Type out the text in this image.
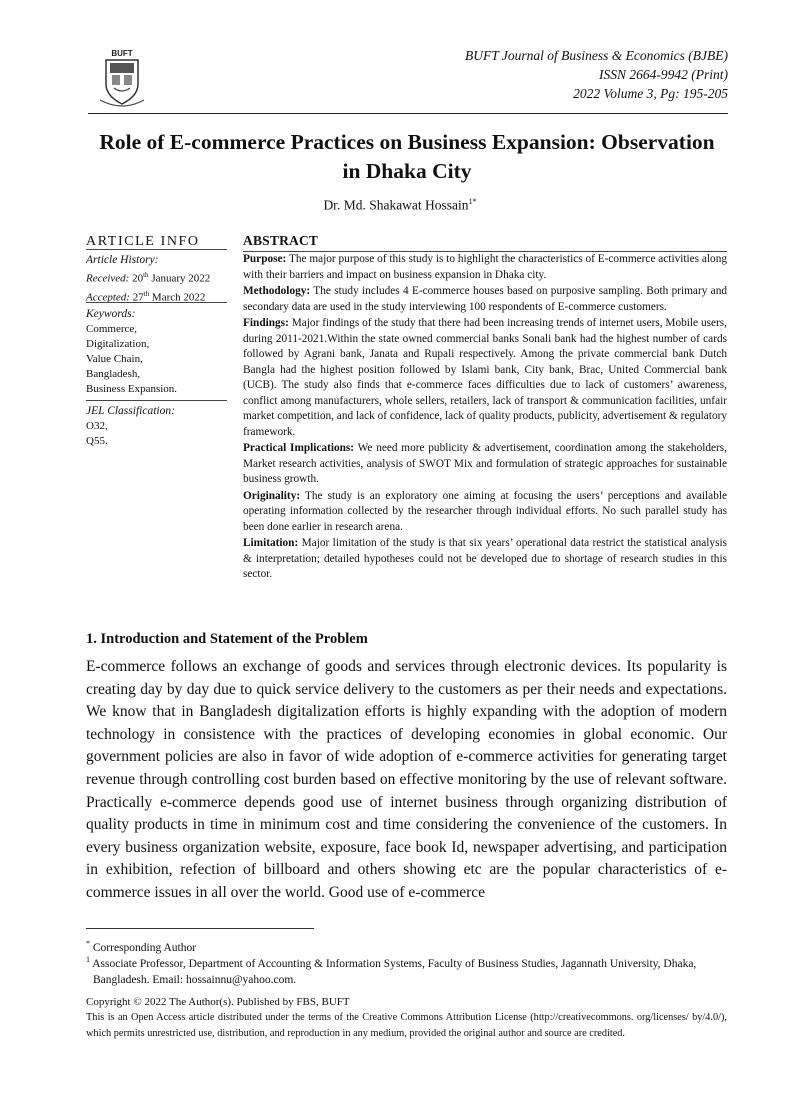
BUFT	BUFT Journal of Business & Economics (BJBE)
ISSN 2664-9942 (Print)
2022 Volume 3, Pg: 195-205
Role of E-commerce Practices on Business Expansion: Observation
in Dhaka City
Dr. Md. Shakawat Hossain$^{1*}$
ARTICLE INFO
Article History:
Received: 20th January 2022
Accepted: 27th March 2022
Keywords:
Commerce,
Digitalization,
Value Chain,
Bangladesh,
Business Expansion.
JEL Classification:
O32,
Q55.
ABSTRACT

Purpose: The major purpose of this study is to highlight the characteristics of E-commerce activities along with their barriers and impact on business expansion in Dhaka city.

Methodology: The study includes 4 E-commerce houses based on purposive sampling. Both primary and secondary data are used in the study interviewing 100 respondents of E-commerce customers.

Findings: Major findings of the study that there had been increasing trends of internet users, Mobile users, during 2011-2021.Within the state owned commercial banks Sonali bank had the highest number of cards followed by Agrani bank, Janata and Rupali respectively. Among the private commercial bank Dutch Bangla had the highest position followed by Islami bank, City bank, Brac, United Commercial bank (UCB). The study also finds that e-commerce faces difficulties due to lack of customers’ awareness, conflict among manufacturers, whole sellers, retailers, lack of transport & communication facilities, unfair market competition, and lack of confidence, lack of quality products, publicity, advertisement & regulatory framework.

Practical Implications: We need more publicity & advertisement, coordination among the stakeholders, Market research activities, analysis of SWOT Mix and formulation of strategic approaches for sustainable business growth.

Originality: The study is an exploratory one aiming at focusing the users’ perceptions and available operating information collected by the researcher through individual efforts. No such parallel study has been done earlier in research arena.

Limitation: Major limitation of the study is that six years’ operational data restrict the statistical analysis & interpretation; detailed hypotheses could not be developed due to shortage of research studies in this sector.

1. Introduction and Statement of the Problem

E-commerce follows an exchange of goods and services through electronic devices. Its popularity is creating day by day due to quick service delivery to the customers as per their needs and expectations. We know that in Bangladesh digitalization efforts is highly expanding with the adoption of modern technology in consistence with the practices of developing economies in global economic. Our government policies are also in favor of wide adoption of e-commerce activities for generating target revenue through controlling cost burden based on effective monitoring by the use of relevant software. Practically e-commerce depends good use of internet business through organizing distribution of quality products in time in minimum cost and time considering the convenience of the customers. In every business organization website, exposure, face book Id, newspaper advertising, and participation in exhibition, refection of billboard and others showing etc are the popular characteristics of e-commerce issues in all over the world. Good use of e-commerce

* Corresponding Author
$^1$ Associate Professor, Department of Accounting & Information Systems, Faculty of Business Studies, Jagannath University, Dhaka, Bangladesh. Email: hossainnu@yahoo.com.
Copyright © 2022 The Author(s). Published by FBS, BUFT
This is an Open Access article distributed under the terms of the Creative Commons Attribution License (http://creativecommons. org/licenses/ by/4.0/), which permits unrestricted use, distribution, and reproduction in any medium, provided the original author and source are credited.
